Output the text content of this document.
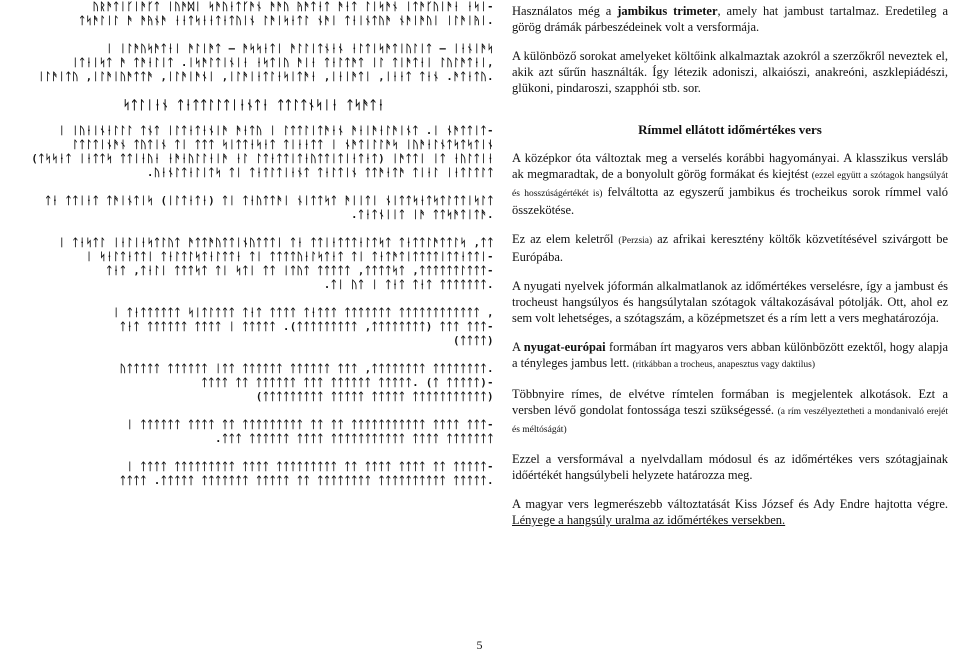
ᚢᚱᚫᛏᛁᚴᛁᚫᚴᛏ ᛁᚢᚫᛞᛁ ᛋᚫᚢᛂᛏᚴᚫᚾ ᚫᚫᚢ ᚤᚫᛏᛂᛏ ᚫᛂᛏ ᛚᛁᛋᚫᚾ ᛁᛏᚫᚴᚢᛁᚫᛂ ᛂᛋᛁ-
ᛏᛋᚫᛚᛁᛚ ᚫ ᚫᚤᚾᚫ ᛂᛂᛏᛋᛂᛂᛏᛂᛏᚢᛁᚾ ᛚᚫᛁᛋᛂᛏᛚ ᚾᚫᛁ ᛏᛂᛁᚾᛏᚢᚫ ᚾᚫᛁᚫᚢᛁ ᛁᛚᚫᛁᚤᛁ.
ᛁ ᛁᛚᚫᚢᛋᚫᛏᛂᛁ ᚫᛚᛁᚫᛏ — ᚫᛋᛋᛂᛏᛁ ᚫᛚᛚᛁᛏᚾᛂᚾ ᛂᛚᛏᛁᛋᚫᛏᛁᚢᛚᛁᛏ — ᛁᛂᚾᛁᚫᛋ
ᛁᛏᛂᛁᛋᛏ ᚫ ᛏᚫᛂᛚᛁᛏ .ᛁᛋᚫᛚᛏᛁᚾᛁᛂ ᛂᛋᛏᛁᚢ ᚫᛁᛂ ᛏᛂᛚᛏᚫᛏ ᛁᛚ ᛏᛁᚫᛏᛂᛁ ᛚᚢᛚᚫᛏᛂᛁ,
ᛁᛚᚫᛁᛏᚢ ,ᛁᛚᚫᛁᚢᚫᛏᛏᚫ ,ᛁᛚᚫᛁᚫᚾᛁ ,ᛁᛚᚫᛁᛂᛏᛚᛂᛋᛁᛏᚫᛂ ,ᛁᛂᛁᚫᛏᛁ ,ᛁᛂᛂᛏ ᛏᛂᚾ .ᚫᛏᛂᛏᚢ.
ᛋᛏᛚᛁᛂᚾ ᛏᛂᛏᛏᛚᛚᛏᛁᛂᚾᛏᛂ ᛏᛏᛚᛏᚾᛋᛁᛂ ᛏᛋᚫᛏᛂ
ᛁ ᛁᚢᛂᛁᚾᛂᛚᛚᛚ ᛏᚾᛏ ᛁᛚᛏᛂᛏᛂᚾᛁᚫ ᚫᛂᛏᚢ ᛁ ᛚᛏᛏᛚᛁᛏᚫᛂᚾ ᚫᛂᛁᚫᛂᛚᚫᛁᚾᛏ .ᛁ ᚾᚫᛏᛏᛁᛏ-
ᛚᛏᛚᛏᛁᚾᚫᚾ ᛏᚢᛏᛁᚾ ᛏᛁ ᛏᛏᛏ ᛋᛁᛏᛏᛂᛋᛂᛏ ᛏᛁᛂᛂᛏᛏ ᛁ ᚾᚫᛏᛁᛚᛚᚫᛋ ᛁᚢᚫᛂᛚᚾᛏᛋᛏᛋᛏᛁᚾ
(ᛏᛋᛋᛂᛏ ᛁᛂᛏᛏᛋ ᛏᛏᛁᛂᚢᛂ ᛂᚫᛂᚢᛚᛚᛂᛁᚫ ᛂᛚ ᛚᛏᛂᛏᛏᛁᛏᛂᚢᛏᛏᛁᛏᛁᛂᛏᛂᛏ) ᛁᚫᛏᛏᛁ ᛁᛏ ᛂᚢᛚᛏᛁᛂ
.ᚢᛂᚾᛚᛏᛂᛚᛁᛏᛋ ᛏᛁ ᛏᛂᛏᛚᛏᛁᛂᚾᛏ ᛏᛂᛚᛏᛁᚾ ᛏᛏᚫᛂᛏᚫ ᛏᛁᛂᛚ ᛁᛂᛏᛚᛏᛚᛏ
ᛏᛂ ᛏᛏᛁᛂᛏ ᛏᚫᛁᚾᛏᛁᛋ (ᛁᛚᛏᛂᛏᛂ) ᛏᛁ ᛏᛂᚢᛏᛏᚫᛁ ᚾᛁᛏᛏᛋᛏ ᚫᛁᛁᛏᛁ ᚾᛁᛏᛏᛋᛂᛏᛋᛏᛚᛏᛏᛁᛋᛚᛏ
.ᛏᛂᛏᚾᛁᛁᛏ ᛁᚫ ᛏᛏᛋᚫᛏᛁᛏᚫ.
ᛁ ᛏᛂᛋᛏᛚ ᛁᛂᛚᛁᛂᛋᛏᛚᚢᛏ ᚫᛏᛏᚫᚢᛏᛏᛁᚾᚢᛏᛏᛏᛁ ᛏᛂ ᛏᛏᛁᛂᛏᛏᛏᛂᛚᛏᛋᛏ ᛏᛂᛏᛏᛚᚫᛏᛏᛚᛋ ,ᛏᛏ
ᛁ ᛋᛂᛚᛏᛂᛏᛏᛁ ᛏᛂᛚᛏᛚᛋᛏᛂᛚᛏᛏᛂ ᛏᛁ ᛏᛏᛏᛏᚢᛂᛚᛋᛏᛂᛏ ᛏᛁ ᛏᛂᛏᚫᛏᛁᛏᛏᛏᛏᛁᛏᛏᛂᛏᛏᛁ-
ᛏᛂᛏ ,ᛏᛂᛚᛁ ᛏᛏᛏᛋᛏ ᛏᛁ ᛋᛏᛁ ᛏᛏ ᛁᛏᚢᛏ ᛏᛏᛏᛏᛏ ,ᛏᛏᛏᛏᛋᛏ ,ᛏᛏᛏᛏᛏᛏᛚᛏᛏᛏ-
.ᛏᛁ ᚢᛏ ᛁ ᛏᛂᛏ ᛏᛂᛏ ᛏᛏᛏᛏᛏᛏᛏ.
ᛁ ᛏᛂᛏᛏᛏᛏᛏᛏ ᛋᛁᛏᛚᛏᛏᛏ ᛏᛂᛏ ᛏᛏᛏᛏ ᛏᛂᛏᛏᛏ ᛏᛏᛏᛏᛏᛏᛏ ᛏᛏᛏᛏᛏᛏᛏᛏᛏᛏᛏᛏ ,
ᛏᛂᛏ ᛏᛏᛏᛏᛏᛏ ᛏᛏᛏᛏ ᛁ ᛏᛏᛏᛏᛏ .(ᛏᛏᛏᛏᛏᛏᛏᛏᛏ ,ᛏᛏᛏᛏᛏᛏᛏᛏ) ᛏᛏᛏ ᛏᛏᛏ-
(ᛏᛏᛏᛏ)
ᚢᛏᛏᛏᛏᛏ ᛏᛏᛏᛏᛏᛏ ᛁᛏᛏ ᛏᛏᛏᛏᛏᛏ ᛏᛏᛏᛏᛏᛏ ᛏᛏᛏ ,ᛏᛏᛏᛏᛏᛏᛏᛏ ᛏᛏᛏᛏᛏᛏᛏᛏ.
ᛏᛏᛏᛏ ᛏᛏ ᛏᛏᛏᛏᛏᛏ ᛏᛏᛏ ᛏᛏᛏᛏᛏᛏ ᛏᛏᛏᛏᛏ. (ᛏ ᛏᛏᛏᛏᛏ)-
(ᛏᛏᛏᛏᛏᛏᛏᛏᛏ ᛏᛏᛏᛏᛏ ᛏᛏᛏᛏᛏ ᛏᛏᛏᛏᛏᛏᛏᛏᛏᛏᛏ)
ᛁ ᛏᛏᛏᛏᛏᛏ ᛏᛏᛏᛏ ᛏᛏ ᛏᛏᛏᛏᛏᛏᛏᛏᛏ ᛏᛏ ᛏᛏ ᛏᛏᛏᛏᛏᛏᛏᛏᛏᛏᛏ ᛏᛏᛏᛏ ᛏᛏᛏ-
.ᛏᛏᛏ ᛏᛏᛏᛏᛏᛏ ᛏᛏᛏᛏ ᛏᛏᛏᛏᛏᛏᛏᛏᛏᛏᛏ ᛏᛏᛏᛏ ᛏᛏᛏᛏᛏᛏᛏ
ᛁ ᛏᛏᛏᛏ ᛏᛏᛏᛏᛏᛏᛏᛏᛏ ᛏᛏᛏᛏ ᛏᛏᛏᛏᛏᛏᛏᛏᛏ ᛏᛏ ᛏᛏᛏᛏ ᛏᛏᛏᛏ ᛏᛏ ᛏᛏᛏᛏᛏ-
ᛏᛏᛏᛏ .ᛏᛏᛏᛏᛏ ᛏᛏᛏᛏᛏᛏᛏ ᛏᛏᛏᛏᛏ ᛏᛏ ᛏᛏᛏᛏᛏᛏᛏᛏ ᛏᛏᛏᛏᛏᛏᛏᛏᛏᛏ ᛏᛏᛏᛏᛏ.

Használatos még a jambikus trimeter, amely hat jambust tartalmaz. Eredetileg a görög drámák párbeszédeinek volt a versformája.

A különböző sorokat amelyeket költőink alkalmaztak azokról a szerzőkről neveztek el, akik azt sűrűn használták. Így létezik adoniszi, alkaiószi, anakreóni, aszklepiádészi, glükoni, pindaroszi, szapphói stb. sor.

Rímmel ellátott időmértékes vers

A középkor óta változtak meg a verselés korábbi hagyományai. A klasszikus versláb ak megmaradtak, de a bonyolult görög formákat és kiejtést (ezzel együtt a szótagok hangsúlyát és hosszúságértékét is) felváltotta az egyszerű jambikus és trocheikus sorok rímmel való összekötése.

Ez az elem keletről (Perzsia) az afrikai keresztény költők közvetítésével szivárgott be Európába.

A nyugati nyelvek jóformán alkalmatlanok az időmértékes verselésre, így a jambust és trocheust hangsúlyos és hangsúlytalan szótagok váltakozásával pótolják. Ott, ahol ez sem volt lehetséges, a szótagszám, a középmetszet és a rím lett a vers meghatározója.

A nyugat-európai formában írt magyaros vers abban különbözött ezektől, hogy alapja a tényleges jambus lett. (ritkábban a trocheus, anapesztus vagy daktilus)

Többnyire rímes, de elvétve rímtelen formában is megjelentek alkotások. Ezt a versben lévő gondolat fontossága teszi szükségessé. (a rím veszélyeztetheti a mondanivaló erejét és méltóságát)

Ezzel a versformával a nyelvdallam módosul és az időmértékes vers szótagjainak időértékét hangsúlybeli helyzete határozza meg.

A magyar vers legmerészebb változtatását Kiss József és Ady Endre hajtotta végre. Lényege a hangsúly uralma az időmértékes versekben.

5
